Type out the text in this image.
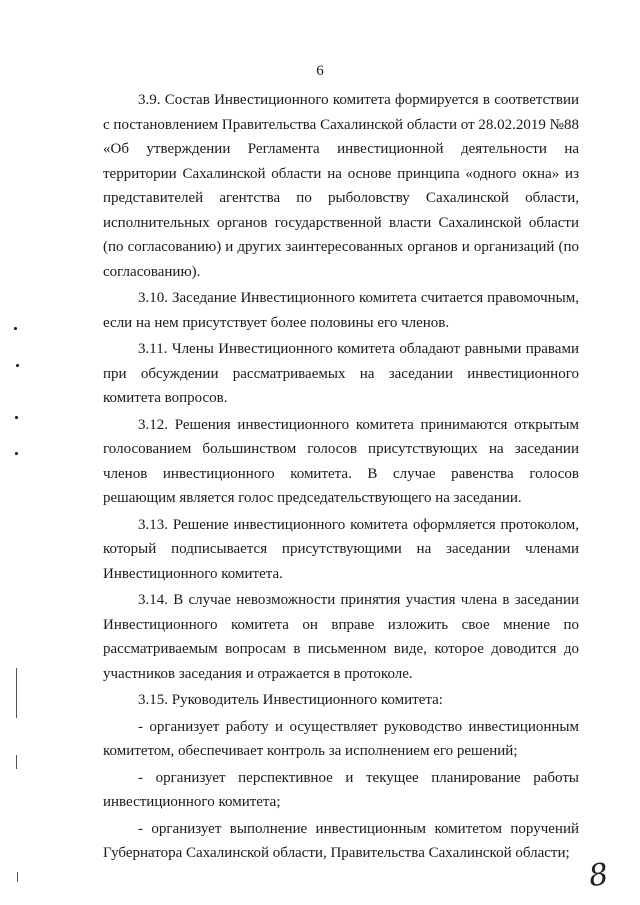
6

3.9. Состав Инвестиционного комитета формируется в соответствии с постановлением Правительства Сахалинской области от 28.02.2019 №88 «Об утверждении Регламента инвестиционной деятельности на территории Сахалинской области на основе принципа «одного окна» из представителей агентства по рыболовству Сахалинской области, исполнительных органов государственной власти Сахалинской области (по согласованию) и других заинтересованных органов и организаций (по согласованию).

3.10. Заседание Инвестиционного комитета считается правомочным, если на нем присутствует более половины его членов.

3.11. Члены Инвестиционного комитета обладают равными правами при обсуждении рассматриваемых на заседании инвестиционного комитета вопросов.

3.12. Решения инвестиционного комитета принимаются открытым голосованием большинством голосов присутствующих на заседании членов инвестиционного комитета. В случае равенства голосов решающим является голос председательствующего на заседании.

3.13. Решение инвестиционного комитета оформляется протоколом, который подписывается присутствующими на заседании членами Инвестиционного комитета.

3.14. В случае невозможности принятия участия члена в заседании Инвестиционного комитета он вправе изложить свое мнение по рассматриваемым вопросам в письменном виде, которое доводится до участников заседания и отражается в протоколе.

3.15. Руководитель Инвестиционного комитета:

- организует работу и осуществляет руководство инвестиционным комитетом, обеспечивает контроль за исполнением его решений;

- организует перспективное и текущее планирование работы инвестиционного комитета;

- организует выполнение инвестиционным комитетом поручений Губернатора Сахалинской области, Правительства Сахалинской области;

8
